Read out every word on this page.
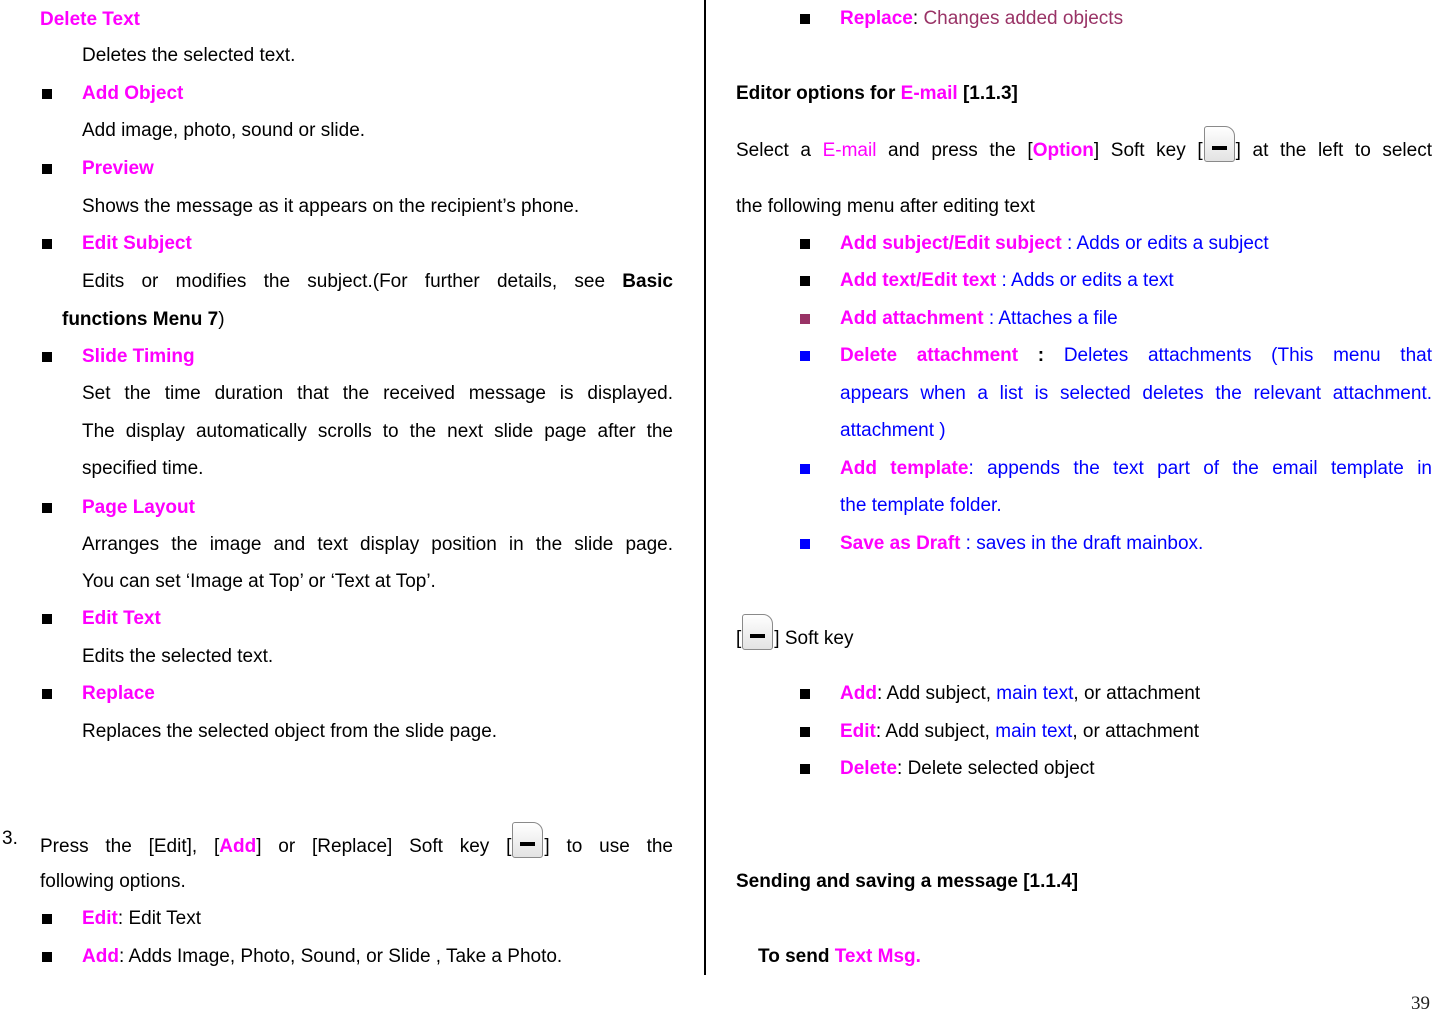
Delete Text
Deletes the selected text.
Add Object
Add image, photo, sound or slide.
Preview
Shows the message as it appears on the recipient’s phone.
Edit Subject
Edits or modifies the subject.(For further details, see Basic
functions Menu 7)
Slide Timing
Set the time duration that the received message is displayed.
The display automatically scrolls to the next slide page after the
specified time.
Page Layout
Arranges the image and text display position in the slide page.
You can set ‘Image at Top’ or ‘Text at Top’.
Edit Text
Edits the selected text.
Replace
Replaces the selected object from the slide page.
3. Press the [Edit], [Add] or [Replace] Soft key [ ] to use the
following options.
Edit: Edit Text
Add: Adds Image, Photo, Sound, or Slide , Take a Photo.
Replace: Changes added objects
Editor options for E-mail [1.1.3]
Select a E-mail and press the [Option] Soft key [ ] at the left to select
the following menu after editing text
Add subject/Edit subject : Adds or edits a subject
Add text/Edit text : Adds or edits a text
Add attachment : Attaches a file
Delete attachment : Deletes attachments (This menu that
appears when a list is selected deletes the relevant attachment.
attachment )
Add template: appends the text part of the email template in
the template folder.
Save as Draft : saves in the draft mainbox.
[ ] Soft key
Add: Add subject, main text, or attachment
Edit: Add subject, main text, or attachment
Delete: Delete selected object
Sending and saving a message [1.1.4]
To send Text Msg.
39
